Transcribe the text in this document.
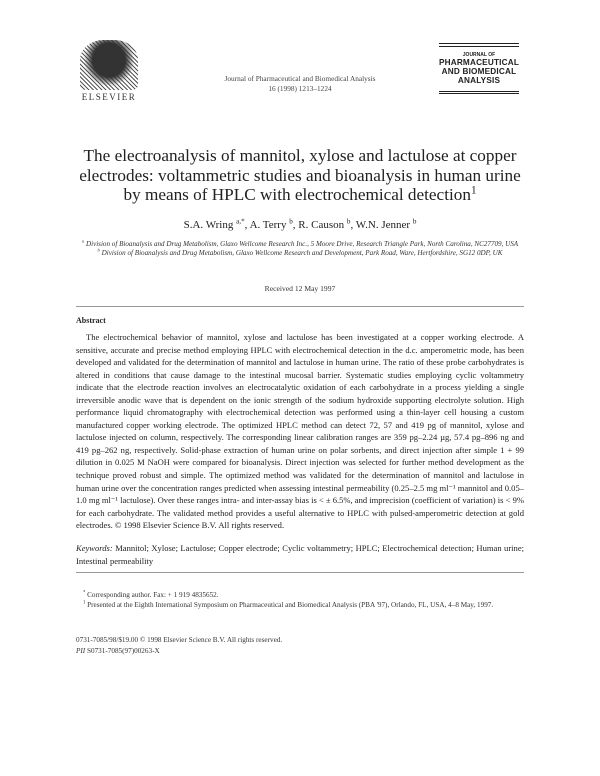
ELSEVIER
Journal of Pharmaceutical and Biomedical Analysis
16 (1998) 1213–1224
JOURNAL OF
PHARMACEUTICAL
AND BIOMEDICAL
ANALYSIS
The electroanalysis of mannitol, xylose and lactulose at copper electrodes: voltammetric studies and bioanalysis in human urine by means of HPLC with electrochemical detection$^1$
S.A. Wring $^{a,*}$, A. Terry $^b$, R. Causon $^b$, W.N. Jenner $^b$
$^a$ Division of Bioanalysis and Drug Metabolism, Glaxo Wellcome Research Inc., 5 Moore Drive, Research Triangle Park, North Carolina, NC27709, USA
$^b$ Division of Bioanalysis and Drug Metabolism, Glaxo Wellcome Research and Development, Park Road, Ware, Hertfordshire, SG12 0DP, UK
Received 12 May 1997
Abstract
The electrochemical behavior of mannitol, xylose and lactulose has been investigated at a copper working electrode. A sensitive, accurate and precise method employing HPLC with electrochemical detection in the d.c. amperometric mode, has been developed and validated for the determination of mannitol and lactulose in human urine. The ratio of these probe carbohydrates is altered in conditions that cause damage to the intestinal mucosal barrier. Systematic studies employing cyclic voltammetry indicate that the electrode reaction involves an electrocatalytic oxidation of each carbohydrate in a process yielding a single irreversible anodic wave that is dependent on the ionic strength of the sodium hydroxide supporting electrolyte solution. High performance liquid chromatography with electrochemical detection was performed using a thin-layer cell housing a custom manufactured copper working electrode. The optimized HPLC method can detect 72, 57 and 419 pg of mannitol, xylose and lactulose injected on column, respectively. The corresponding linear calibration ranges are 359 pg–2.24 µg, 57.4 pg–896 ng and 419 pg–262 ng, respectively. Solid-phase extraction of human urine on polar sorbents, and direct injection after simple 1 + 99 dilution in 0.025 M NaOH were compared for bioanalysis. Direct injection was selected for further method development as the technique proved robust and simple. The optimized method was validated for the determination of mannitol and lactulose in human urine over the concentration ranges predicted when assessing intestinal permeability (0.25–2.5 mg ml⁻¹ mannitol and 0.05–1.0 mg ml⁻¹ lactulose). Over these ranges intra- and inter-assay bias is < ± 6.5%, and imprecision (coefficient of variation) is < 9% for each carbohydrate. The validated method provides a useful alternative to HPLC with pulsed-amperometric detection at gold electrodes. © 1998 Elsevier Science B.V. All rights reserved.
Keywords: Mannitol; Xylose; Lactulose; Copper electrode; Cyclic voltammetry; HPLC; Electrochemical detection; Human urine; Intestinal permeability
* Corresponding author. Fax: + 1 919 4835652.
$^1$ Presented at the Eighth International Symposium on Pharmaceutical and Biomedical Analysis (PBA '97), Orlando, FL, USA, 4–8 May, 1997.
0731-7085/98/$19.00 © 1998 Elsevier Science B.V. All rights reserved.
PII S0731-7085(97)00263-X
